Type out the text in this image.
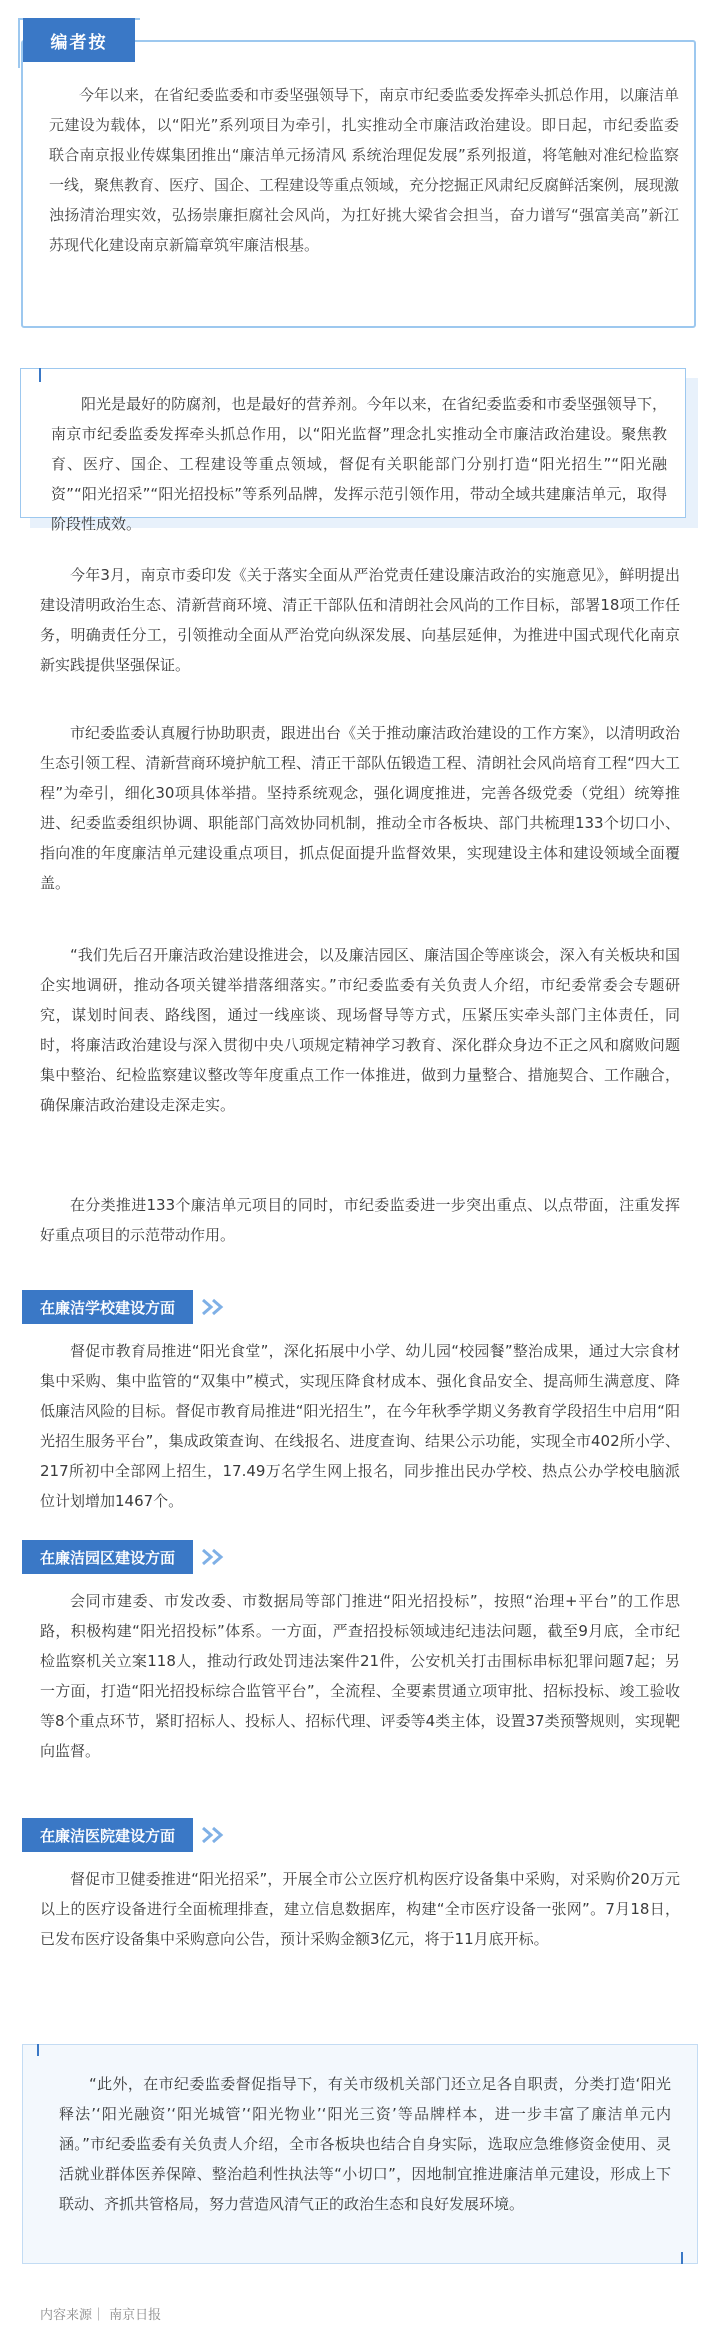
今年以来，在省纪委监委和市委坚强领导下，南京市纪委监委发挥牵头抓总作用，以廉洁单元建设为载体，以“阳光”系列项目为牵引，扎实推动全市廉洁政治建设。即日起，市纪委监委联合南京报业传媒集团推出“廉洁单元扬清风 系统治理促发展”系列报道，将笔触对准纪检监察一线，聚焦教育、医疗、国企、工程建设等重点领域，充分挖掘正风肃纪反腐鲜活案例，展现激浊扬清治理实效，弘扬崇廉拒腐社会风尚，为扛好挑大梁省会担当，奋力谱写“强富美高”新江苏现代化建设南京新篇章筑牢廉洁根基。

编者按

阳光是最好的防腐剂，也是最好的营养剂。今年以来，在省纪委监委和市委坚强领导下，南京市纪委监委发挥牵头抓总作用，以“阳光监督”理念扎实推动全市廉洁政治建设。聚焦教育、医疗、国企、工程建设等重点领域，督促有关职能部门分别打造“阳光招生”“阳光融资”“阳光招采”“阳光招投标”等系列品牌，发挥示范引领作用，带动全域共建廉洁单元，取得阶段性成效。

今年3月，南京市委印发《关于落实全面从严治党责任建设廉洁政治的实施意见》，鲜明提出建设清明政治生态、清新营商环境、清正干部队伍和清朗社会风尚的工作目标，部署18项工作任务，明确责任分工，引领推动全面从严治党向纵深发展、向基层延伸，为推进中国式现代化南京新实践提供坚强保证。

市纪委监委认真履行协助职责，跟进出台《关于推动廉洁政治建设的工作方案》，以清明政治生态引领工程、清新营商环境护航工程、清正干部队伍锻造工程、清朗社会风尚培育工程“四大工程”为牵引，细化30项具体举措。坚持系统观念，强化调度推进，完善各级党委（党组）统筹推进、纪委监委组织协调、职能部门高效协同机制，推动全市各板块、部门共梳理133个切口小、指向准的年度廉洁单元建设重点项目，抓点促面提升监督效果，实现建设主体和建设领域全面覆盖。

“我们先后召开廉洁政治建设推进会，以及廉洁园区、廉洁国企等座谈会，深入有关板块和国企实地调研，推动各项关键举措落细落实。”市纪委监委有关负责人介绍，市纪委常委会专题研究，谋划时间表、路线图，通过一线座谈、现场督导等方式，压紧压实牵头部门主体责任，同时，将廉洁政治建设与深入贯彻中央八项规定精神学习教育、深化群众身边不正之风和腐败问题集中整治、纪检监察建议整改等年度重点工作一体推进，做到力量整合、措施契合、工作融合，确保廉洁政治建设走深走实。

在分类推进133个廉洁单元项目的同时，市纪委监委进一步突出重点、以点带面，注重发挥好重点项目的示范带动作用。

在廉洁学校建设方面

督促市教育局推进“阳光食堂”，深化拓展中小学、幼儿园“校园餐”整治成果，通过大宗食材集中采购、集中监管的“双集中”模式，实现压降食材成本、强化食品安全、提高师生满意度、降低廉洁风险的目标。督促市教育局推进“阳光招生”，在今年秋季学期义务教育学段招生中启用“阳光招生服务平台”，集成政策查询、在线报名、进度查询、结果公示功能，实现全市402所小学、217所初中全部网上招生，17.49万名学生网上报名，同步推出民办学校、热点公办学校电脑派位计划增加1467个。

在廉洁园区建设方面

会同市建委、市发改委、市数据局等部门推进“阳光招投标”，按照“治理+平台”的工作思路，积极构建“阳光招投标”体系。一方面，严查招投标领域违纪违法问题，截至9月底，全市纪检监察机关立案118人，推动行政处罚违法案件21件，公安机关打击围标串标犯罪问题7起；另一方面，打造“阳光招投标综合监管平台”，全流程、全要素贯通立项审批、招标投标、竣工验收等8个重点环节，紧盯招标人、投标人、招标代理、评委等4类主体，设置37类预警规则，实现靶向监督。

在廉洁医院建设方面

督促市卫健委推进“阳光招采”，开展全市公立医疗机构医疗设备集中采购，对采购价20万元以上的医疗设备进行全面梳理排查，建立信息数据库，构建“全市医疗设备一张网”。7月18日，已发布医疗设备集中采购意向公告，预计采购金额3亿元，将于11月底开标。

“此外，在市纪委监委督促指导下，有关市级机关部门还立足各自职责，分类打造‘阳光释法’‘阳光融资’‘阳光城管’‘阳光物业’‘阳光三资’等品牌样本，进一步丰富了廉洁单元内涵。”市纪委监委有关负责人介绍，全市各板块也结合自身实际，选取应急维修资金使用、灵活就业群体医养保障、整治趋利性执法等“小切口”，因地制宜推进廉洁单元建设，形成上下联动、齐抓共管格局，努力营造风清气正的政治生态和良好发展环境。

内容来源｜ 南京日报
